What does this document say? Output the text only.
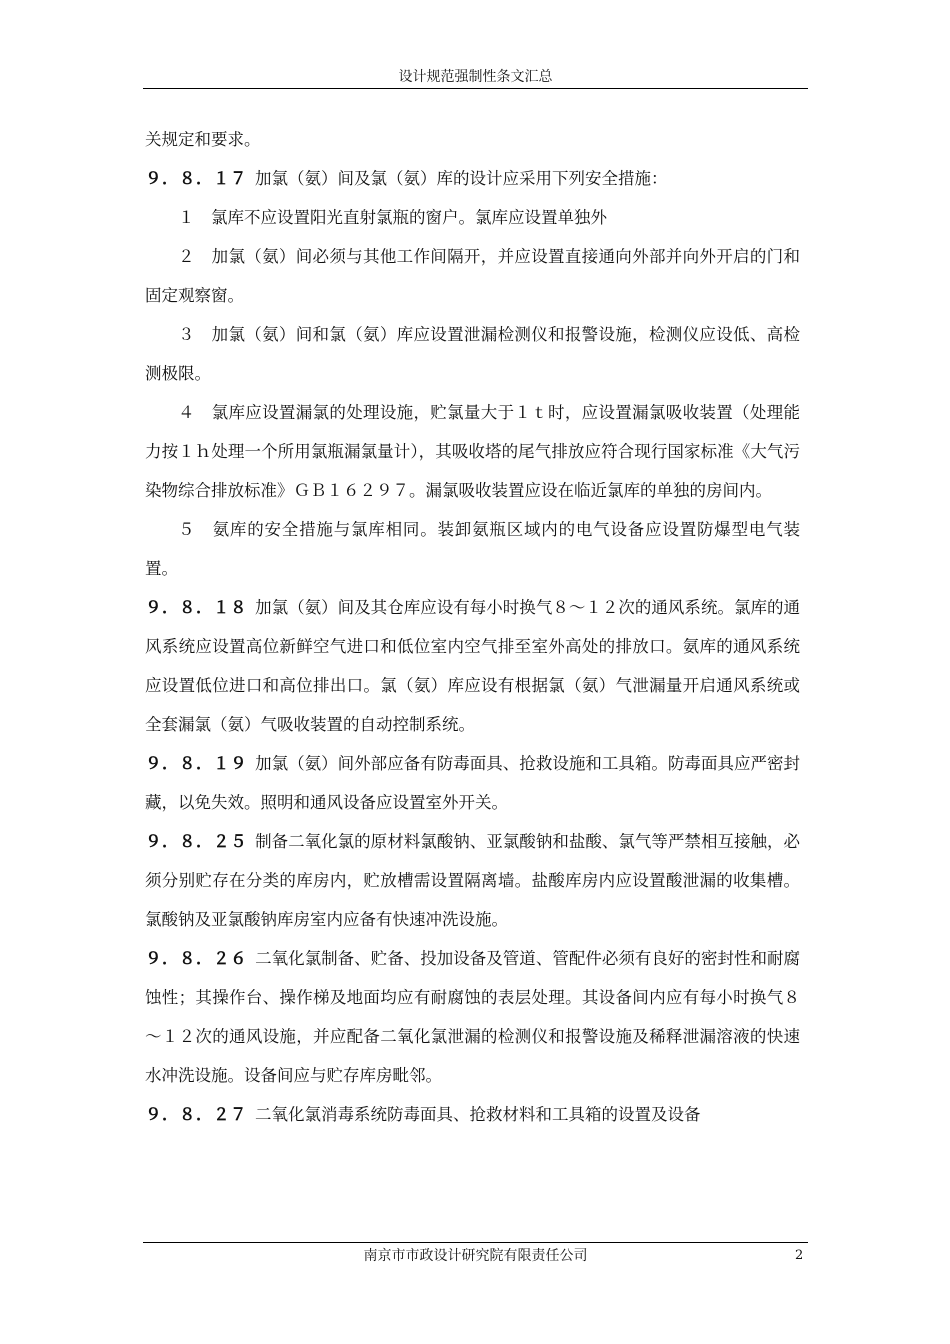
设计规范强制性条文汇总

关规定和要求。

９．８．１７ 加氯（氨）间及氯（氨）库的设计应采用下列安全措施：

１　氯库不应设置阳光直射氯瓶的窗户。氯库应设置单独外

２　加氯（氨）间必须与其他工作间隔开，并应设置直接通向外部并向外开启的门和固定观察窗。

３　加氯（氨）间和氯（氨）库应设置泄漏检测仪和报警设施，检测仪应设低、高检测极限。

４　氯库应设置漏氯的处理设施，贮氯量大于１ｔ时，应设置漏氯吸收装置（处理能力按１ｈ处理一个所用氯瓶漏氯量计），其吸收塔的尾气排放应符合现行国家标准《大气污染物综合排放标准》ＧＢ１６２９７。漏氯吸收装置应设在临近氯库的单独的房间内。

５　氨库的安全措施与氯库相同。装卸氨瓶区域内的电气设备应设置防爆型电气装置。

９．８．１８ 加氯（氨）间及其仓库应设有每小时换气８～１２次的通风系统。氯库的通风系统应设置高位新鲜空气进口和低位室内空气排至室外高处的排放口。氨库的通风系统应设置低位进口和高位排出口。氯（氨）库应设有根据氯（氨）气泄漏量开启通风系统或全套漏氯（氨）气吸收装置的自动控制系统。

９．８．１９ 加氯（氨）间外部应备有防毒面具、抢救设施和工具箱。防毒面具应严密封藏，以免失效。照明和通风设备应设置室外开关。

９．８．２５ 制备二氧化氯的原材料氯酸钠、亚氯酸钠和盐酸、氯气等严禁相互接触，必须分别贮存在分类的库房内，贮放槽需设置隔离墙。盐酸库房内应设置酸泄漏的收集槽。氯酸钠及亚氯酸钠库房室内应备有快速冲洗设施。

９．８．２６ 二氧化氯制备、贮备、投加设备及管道、管配件必须有良好的密封性和耐腐蚀性；其操作台、操作梯及地面均应有耐腐蚀的表层处理。其设备间内应有每小时换气８～１２次的通风设施，并应配备二氧化氯泄漏的检测仪和报警设施及稀释泄漏溶液的快速水冲洗设施。设备间应与贮存库房毗邻。

９．８．２７ 二氧化氯消毒系统防毒面具、抢救材料和工具箱的设置及设备

南京市市政设计研究院有限责任公司	2
